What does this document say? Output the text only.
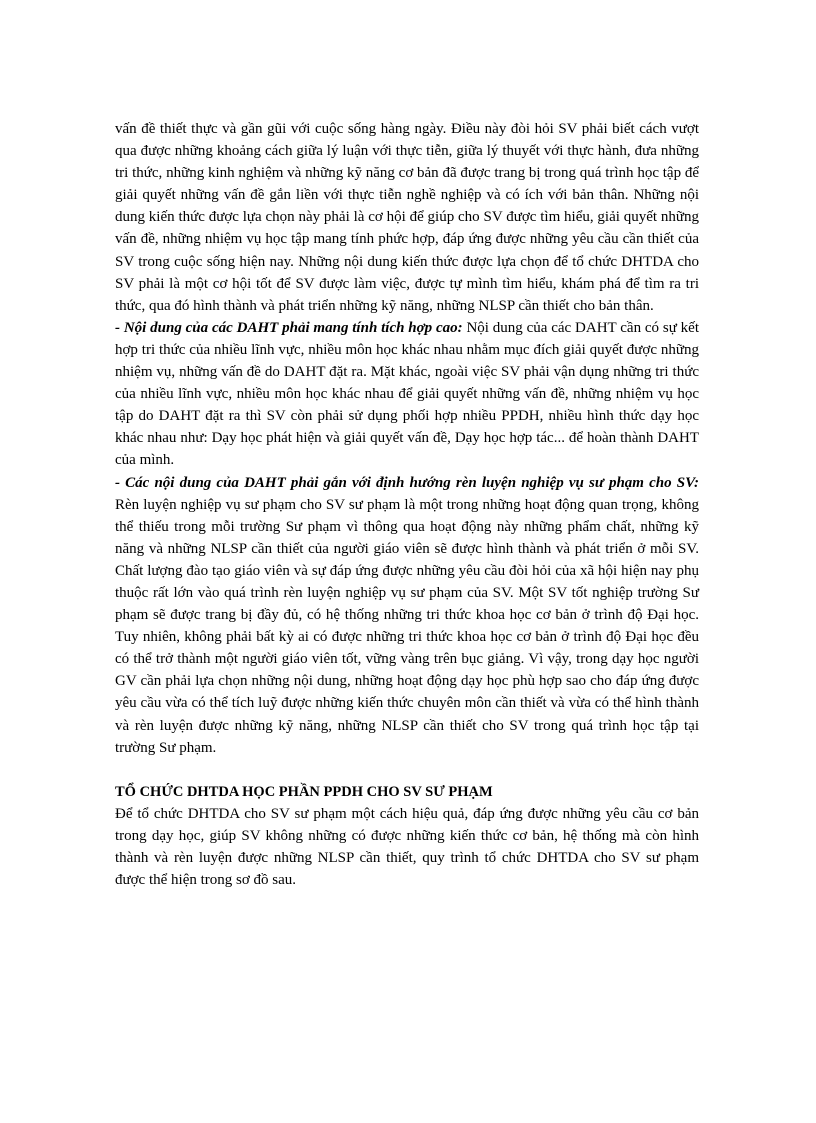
vấn đề thiết thực và gần gũi với cuộc sống hàng ngày. Điều này đòi hỏi SV phải biết cách vượt qua được những khoảng cách giữa lý luận với thực tiễn, giữa lý thuyết với thực hành, đưa những tri thức, những kinh nghiệm và những kỹ năng cơ bản đã được trang bị trong quá trình học tập để giải quyết những vấn đề gắn liền với thực tiễn nghề nghiệp và có ích với bản thân. Những nội dung kiến thức được lựa chọn này phải là cơ hội để giúp cho SV được tìm hiểu, giải quyết những vấn đề, những nhiệm vụ học tập mang tính phức hợp, đáp ứng được những yêu cầu cần thiết của SV trong cuộc sống hiện nay. Những nội dung kiến thức được lựa chọn để tổ chức DHTDA cho SV phải là một cơ hội tốt để SV được làm việc, được tự mình tìm hiểu, khám phá để tìm ra tri thức, qua đó hình thành và phát triển những kỹ năng, những NLSP cần thiết cho bản thân.

- Nội dung của các DAHT phải mang tính tích hợp cao: Nội dung của các DAHT cần có sự kết hợp tri thức của nhiều lĩnh vực, nhiều môn học khác nhau nhằm mục đích giải quyết được những nhiệm vụ, những vấn đề do DAHT đặt ra. Mặt khác, ngoài việc SV phải vận dụng những tri thức của nhiều lĩnh vực, nhiều môn học khác nhau để giải quyết những vấn đề, những nhiệm vụ học tập do DAHT đặt ra thì SV còn phải sử dụng phối hợp nhiều PPDH, nhiều hình thức dạy học khác nhau như: Dạy học phát hiện và giải quyết vấn đề, Dạy học hợp tác... để hoàn thành DAHT của mình.

- Các nội dung của DAHT phải gắn với định hướng rèn luyện nghiệp vụ sư phạm cho SV: Rèn luyện nghiệp vụ sư phạm cho SV sư phạm là một trong những hoạt động quan trọng, không thể thiếu trong mỗi trường Sư phạm vì thông qua hoạt động này những phẩm chất, những kỹ năng và những NLSP cần thiết của người giáo viên sẽ được hình thành và phát triển ở mỗi SV. Chất lượng đào tạo giáo viên và sự đáp ứng được những yêu cầu đòi hỏi của xã hội hiện nay phụ thuộc rất lớn vào quá trình rèn luyện nghiệp vụ sư phạm của SV. Một SV tốt nghiệp trường Sư phạm sẽ được trang bị đầy đủ, có hệ thống những tri thức khoa học cơ bản ở trình độ Đại học. Tuy nhiên, không phải bất kỳ ai có được những tri thức khoa học cơ bản ở trình độ Đại học đều có thể trở thành một người giáo viên tốt, vững vàng trên bục giảng. Vì vậy, trong dạy học người GV cần phải lựa chọn những nội dung, những hoạt động dạy học phù hợp sao cho đáp ứng được yêu cầu vừa có thể tích luỹ được những kiến thức chuyên môn cần thiết và vừa có thể hình thành và rèn luyện được những kỹ năng, những NLSP cần thiết cho SV trong quá trình học tập tại trường Sư phạm.

TỔ CHỨC DHTDA HỌC PHẦN PPDH CHO SV SƯ PHẠM

Để tổ chức DHTDA cho SV sư phạm một cách hiệu quả, đáp ứng được những yêu cầu cơ bản trong dạy học, giúp SV không những có được những kiến thức cơ bản, hệ thống mà còn hình thành và rèn luyện được những NLSP cần thiết, quy trình tổ chức DHTDA cho SV sư phạm được thể hiện trong sơ đồ sau.
